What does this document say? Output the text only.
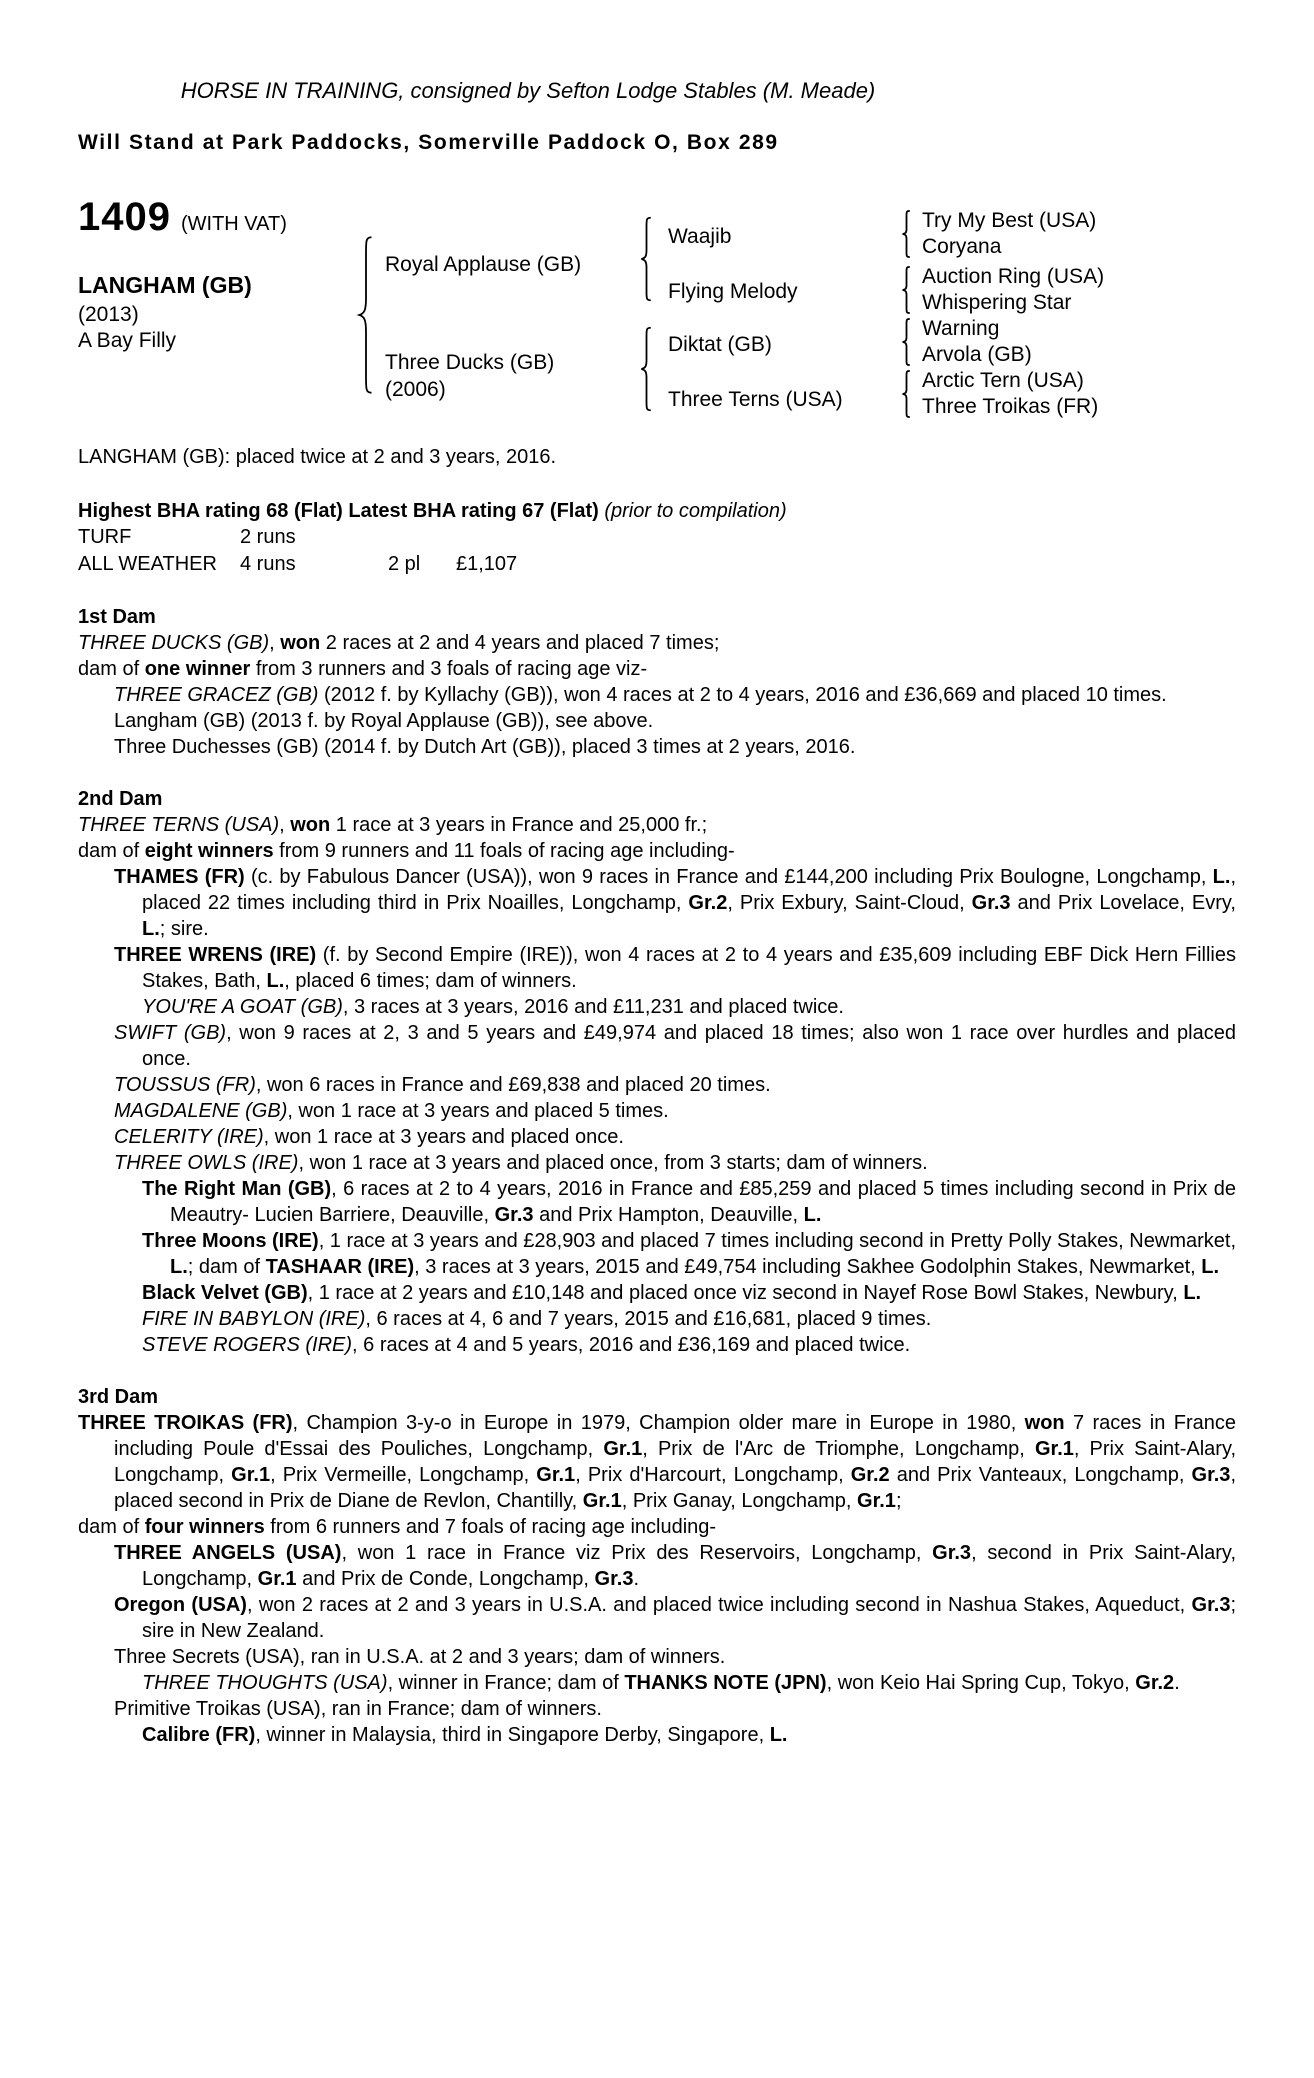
HORSE IN TRAINING, consigned by Sefton Lodge Stables (M. Meade)
Will Stand at Park Paddocks, Somerville Paddock O, Box 289
1409 (WITH VAT)
LANGHAM (GB)
(2013)
A Bay Filly
Royal Applause (GB)
Three Ducks (GB)
(2006)
Waajib
Flying Melody
Diktat (GB)
Three Terns (USA)
Try My Best (USA)
Coryana
Auction Ring (USA)
Whispering Star
Warning
Arvola (GB)
Arctic Tern (USA)
Three Troikas (FR)
LANGHAM (GB): placed twice at 2 and 3 years, 2016.
Highest BHA rating 68 (Flat) Latest BHA rating 67 (Flat) (prior to compilation)
TURF	2 runs
ALL WEATHER	4 runs	2 pl	£1,107
1st Dam
THREE DUCKS (GB), won 2 races at 2 and 4 years and placed 7 times;
dam of one winner from 3 runners and 3 foals of racing age viz-
THREE GRACEZ (GB) (2012 f. by Kyllachy (GB)), won 4 races at 2 to 4 years, 2016 and £36,669 and placed 10 times.
Langham (GB) (2013 f. by Royal Applause (GB)), see above.
Three Duchesses (GB) (2014 f. by Dutch Art (GB)), placed 3 times at 2 years, 2016.
2nd Dam
THREE TERNS (USA), won 1 race at 3 years in France and 25,000 fr.;
dam of eight winners from 9 runners and 11 foals of racing age including-
THAMES (FR) (c. by Fabulous Dancer (USA)), won 9 races in France and £144,200 including Prix Boulogne, Longchamp, L., placed 22 times including third in Prix Noailles, Longchamp, Gr.2, Prix Exbury, Saint-Cloud, Gr.3 and Prix Lovelace, Evry, L.; sire.
THREE WRENS (IRE) (f. by Second Empire (IRE)), won 4 races at 2 to 4 years and £35,609 including EBF Dick Hern Fillies Stakes, Bath, L., placed 6 times; dam of winners.
YOU'RE A GOAT (GB), 3 races at 3 years, 2016 and £11,231 and placed twice.
SWIFT (GB), won 9 races at 2, 3 and 5 years and £49,974 and placed 18 times; also won 1 race over hurdles and placed once.
TOUSSUS (FR), won 6 races in France and £69,838 and placed 20 times.
MAGDALENE (GB), won 1 race at 3 years and placed 5 times.
CELERITY (IRE), won 1 race at 3 years and placed once.
THREE OWLS (IRE), won 1 race at 3 years and placed once, from 3 starts; dam of winners.
The Right Man (GB), 6 races at 2 to 4 years, 2016 in France and £85,259 and placed 5 times including second in Prix de Meautry- Lucien Barriere, Deauville, Gr.3 and Prix Hampton, Deauville, L.
Three Moons (IRE), 1 race at 3 years and £28,903 and placed 7 times including second in Pretty Polly Stakes, Newmarket, L.; dam of TASHAAR (IRE), 3 races at 3 years, 2015 and £49,754 including Sakhee Godolphin Stakes, Newmarket, L.
Black Velvet (GB), 1 race at 2 years and £10,148 and placed once viz second in Nayef Rose Bowl Stakes, Newbury, L.
FIRE IN BABYLON (IRE), 6 races at 4, 6 and 7 years, 2015 and £16,681, placed 9 times.
STEVE ROGERS (IRE), 6 races at 4 and 5 years, 2016 and £36,169 and placed twice.
3rd Dam
THREE TROIKAS (FR), Champion 3-y-o in Europe in 1979, Champion older mare in Europe in 1980, won 7 races in France including Poule d'Essai des Pouliches, Longchamp, Gr.1, Prix de l'Arc de Triomphe, Longchamp, Gr.1, Prix Saint-Alary, Longchamp, Gr.1, Prix Vermeille, Longchamp, Gr.1, Prix d'Harcourt, Longchamp, Gr.2 and Prix Vanteaux, Longchamp, Gr.3, placed second in Prix de Diane de Revlon, Chantilly, Gr.1, Prix Ganay, Longchamp, Gr.1;
dam of four winners from 6 runners and 7 foals of racing age including-
THREE ANGELS (USA), won 1 race in France viz Prix des Reservoirs, Longchamp, Gr.3, second in Prix Saint-Alary, Longchamp, Gr.1 and Prix de Conde, Longchamp, Gr.3.
Oregon (USA), won 2 races at 2 and 3 years in U.S.A. and placed twice including second in Nashua Stakes, Aqueduct, Gr.3; sire in New Zealand.
Three Secrets (USA), ran in U.S.A. at 2 and 3 years; dam of winners.
THREE THOUGHTS (USA), winner in France; dam of THANKS NOTE (JPN), won Keio Hai Spring Cup, Tokyo, Gr.2.
Primitive Troikas (USA), ran in France; dam of winners.
Calibre (FR), winner in Malaysia, third in Singapore Derby, Singapore, L.
